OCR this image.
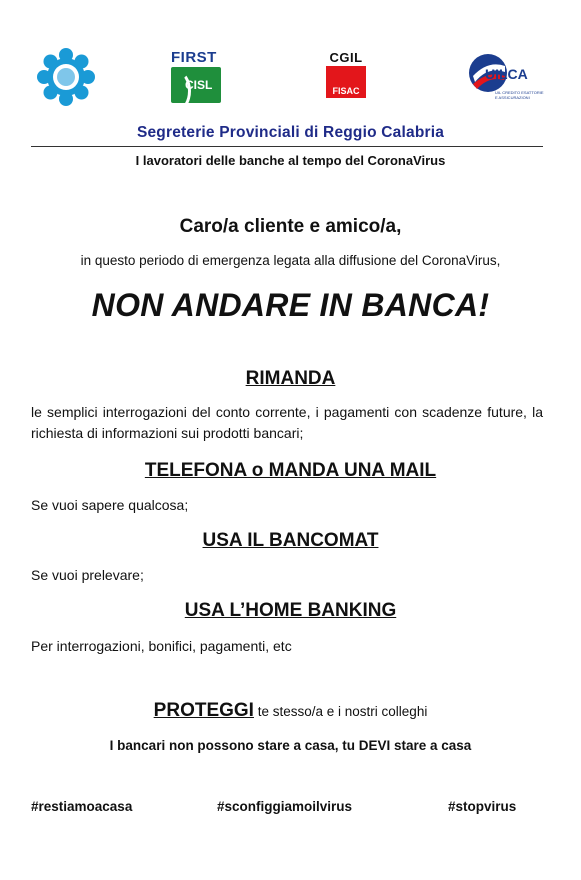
FIRST
CISL
CGIL
FISAC
UILCA
UIL CREDITO ESATTORIE
E ASSICURAZIONI
Segreterie Provinciali di Reggio Calabria
I lavoratori delle banche al tempo del CoronaVirus
Caro/a cliente e amico/a,
in questo periodo di emergenza legata alla diffusione del CoronaVirus,
NON ANDARE IN BANCA!
RIMANDA
le semplici interrogazioni del conto corrente, i pagamenti con scadenze future, la richiesta di informazioni sui prodotti bancari;
TELEFONA o MANDA UNA MAIL
Se vuoi sapere qualcosa;
USA IL BANCOMAT
Se vuoi prelevare;
USA L’HOME BANKING
Per interrogazioni, bonifici, pagamenti, etc
PROTEGGI te stesso/a e i nostri colleghi
I bancari non possono stare a casa, tu DEVI stare a casa
#restiamoacasa	#sconfiggiamoilvirus	#stopvirus
